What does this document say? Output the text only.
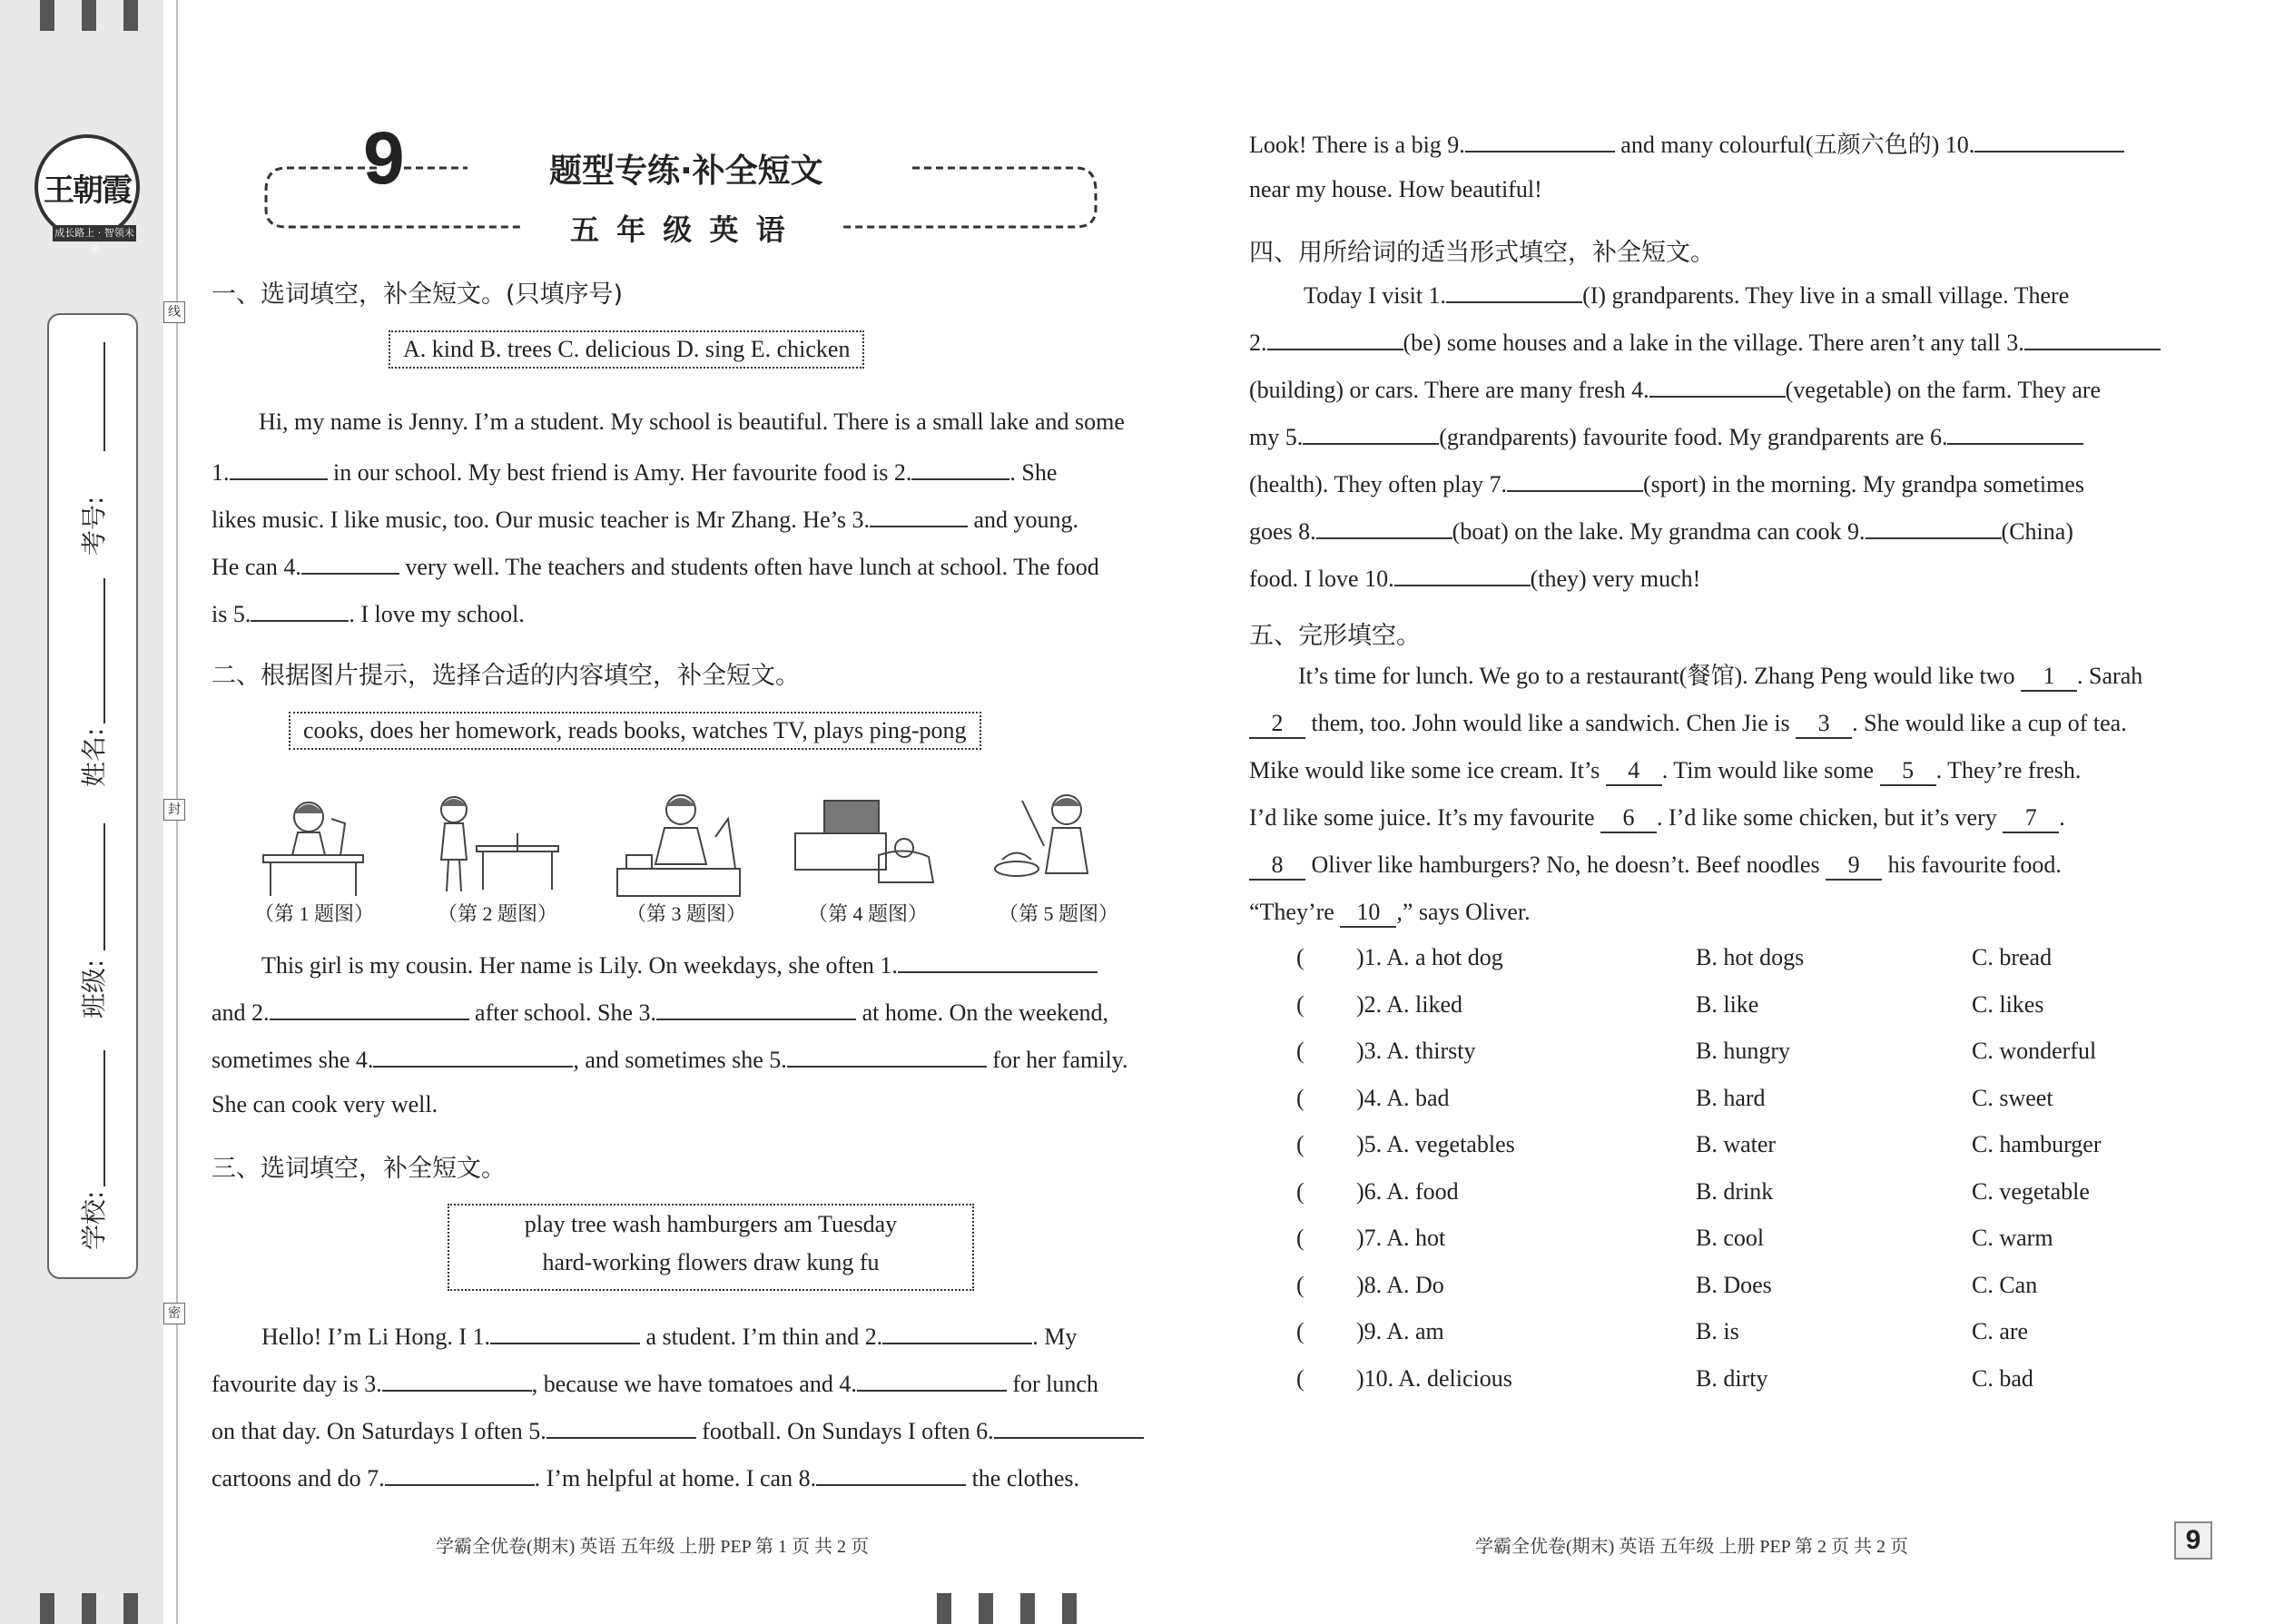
王朝霞
成长路上 · 智领未来
考号:
姓名:
班级:
学校:
线
封
密
9	题型专练·补全短文
五 年 级 英 语
一、选词填空，补全短文。(只填序号)
A. kind B. trees C. delicious D. sing E. chicken
Hi, my name is Jenny. I’m a student. My school is beautiful. There is a small lake and some
1.	in our school. My best friend is Amy. Her favourite food is 2.	. She
likes music. I like music, too. Our music teacher is Mr Zhang. He’s 3.	and young.
He can 4.	very well. The teachers and students often have lunch at school. The food
is 5.	. I love my school.
二、根据图片提示，选择合适的内容填空，补全短文。
cooks, does her homework, reads books, watches TV, plays ping-pong
（第 1 题图）	（第 2 题图）	（第 3 题图）	（第 4 题图）	（第 5 题图）
This girl is my cousin. Her name is Lily. On weekdays, she often 1.
and 2.	after school. She 3.	at home. On the weekend,
sometimes she 4.	, and sometimes she 5.	for her family.
She can cook very well.
三、选词填空，补全短文。
play tree wash hamburgers am Tuesday
hard-working flowers draw kung fu
Hello! I’m Li Hong. I 1.	a student. I’m thin and 2.	. My
favourite day is 3.	, because we have tomatoes and 4.	for lunch
on that day. On Saturdays I often 5.	football. On Sundays I often 6.
cartoons and do 7.	. I’m helpful at home. I can 8.	the clothes.
学霸全优卷(期末) 英语 五年级 上册 PEP 第 1 页 共 2 页
Look! There is a big 9.	and many colourful(五颜六色的) 10.
near my house. How beautiful!
四、用所给词的适当形式填空，补全短文。
Today I visit 1.	(I) grandparents. They live in a small village. There
2.	(be) some houses and a lake in the village. There aren’t any tall 3.
(building) or cars. There are many fresh 4.	(vegetable) on the farm. They are
my 5.	(grandparents) favourite food. My grandparents are 6.
(health). They often play 7.	(sport) in the morning. My grandpa sometimes
goes 8.	(boat) on the lake. My grandma can cook 9.	(China)
food. I love 10.	(they) very much!
五、完形填空。
It’s time for lunch. We go to a restaurant(餐馆). Zhang Peng would like two 1 . Sarah
2 them, too. John would like a sandwich. Chen Jie is 3 . She would like a cup of tea.
Mike would like some ice cream. It’s 4 . Tim would like some 5 . They’re fresh.
I’d like some juice. It’s my favourite 6 . I’d like some chicken, but it’s very 7 .
8 Oliver like hamburgers? No, he doesn’t. Beef noodles 9 his favourite food.
“They’re 10 ,” says Oliver.
( )1. A. a hot dog	B. hot dogs	C. bread
( )2. A. liked	B. like	C. likes
( )3. A. thirsty	B. hungry	C. wonderful
( )4. A. bad	B. hard	C. sweet
( )5. A. vegetables	B. water	C. hamburger
( )6. A. food	B. drink	C. vegetable
( )7. A. hot	B. cool	C. warm
( )8. A. Do	B. Does	C. Can
( )9. A. am	B. is	C. are
( )10. A. delicious	B. dirty	C. bad
学霸全优卷(期末) 英语 五年级 上册 PEP 第 2 页 共 2 页	9
